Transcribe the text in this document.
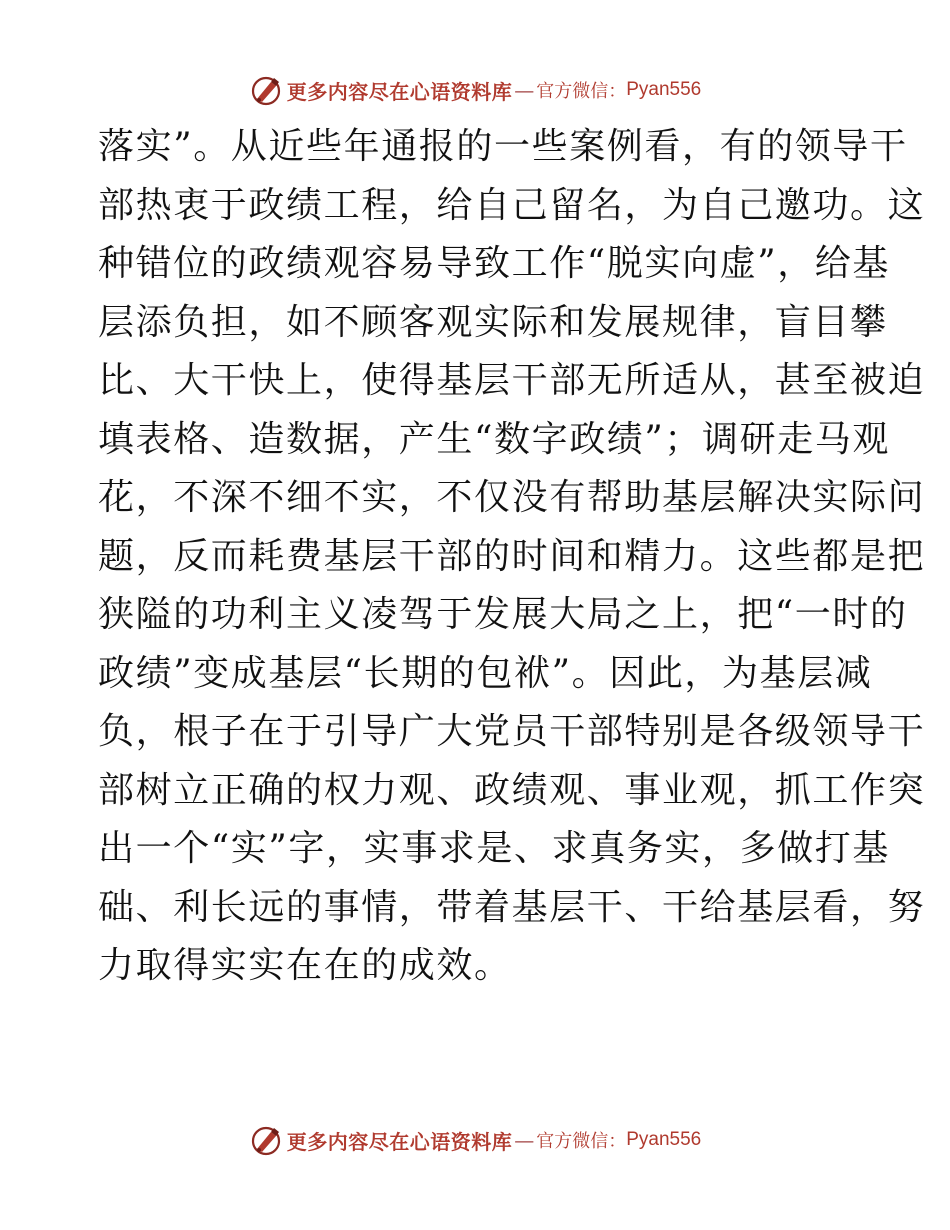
更多内容尽在心语资料库 — 官方微信： Pyan556
落实”。从近些年通报的一些案例看，有的领导干
部热衷于政绩工程，给自己留名，为自己邀功。这
种错位的政绩观容易导致工作“脱实向虚”，给基
层添负担，如不顾客观实际和发展规律，盲目攀
比、大干快上，使得基层干部无所适从，甚至被迫
填表格、造数据，产生“数字政绩”；调研走马观
花，不深不细不实，不仅没有帮助基层解决实际问
题，反而耗费基层干部的时间和精力。这些都是把
狭隘的功利主义凌驾于发展大局之上，把“一时的
政绩”变成基层“长期的包袱”。因此，为基层减
负，根子在于引导广大党员干部特别是各级领导干
部树立正确的权力观、政绩观、事业观，抓工作突
出一个“实”字，实事求是、求真务实，多做打基
础、利长远的事情，带着基层干、干给基层看，努
力取得实实在在的成效。
更多内容尽在心语资料库 — 官方微信： Pyan556
